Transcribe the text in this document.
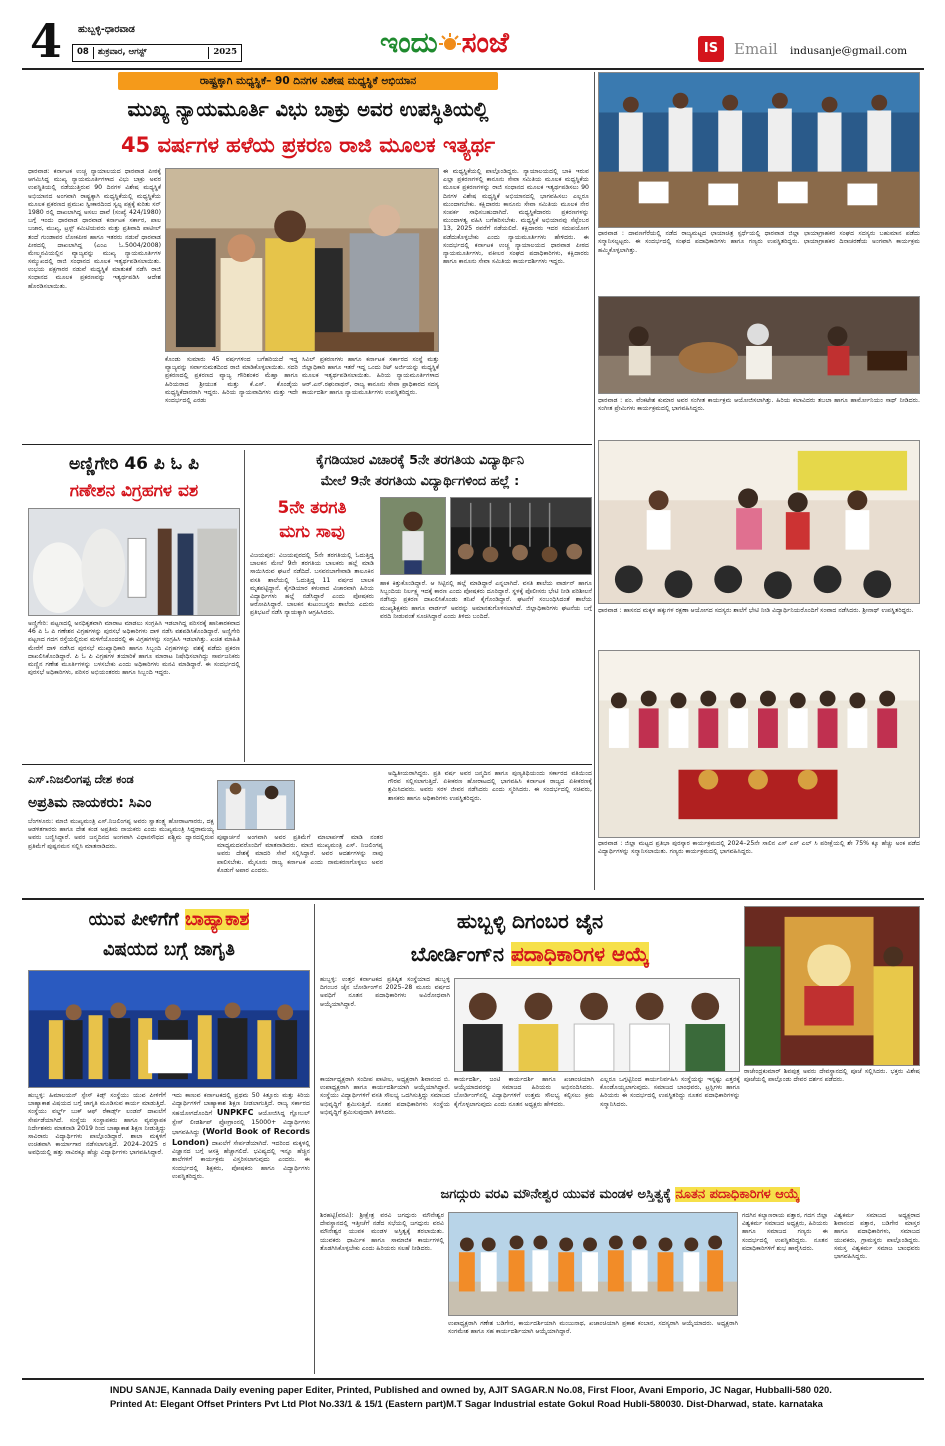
4	ಹುಬ್ಬಳ್ಳಿ-ಧಾರವಾಡ
08	ಶುಕ್ರವಾರ, ಆಗಸ್ಟ್	2025	ಇಂದು ಸಂಜೆ	IS	Email	indusanje@gmail.com
ರಾಷ್ಟ್ರಕ್ಕಾಗಿ ಮಧ್ಯಸ್ಥಿಕೆ– 90 ದಿನಗಳ ವಿಶೇಷ ಮಧ್ಯಸ್ಥಿಕೆ ಅಭಿಯಾನ
ಮುಖ್ಯ ನ್ಯಾಯಮೂರ್ತಿ ವಿಭು ಬಾಕ್ರು ಅವರ ಉಪಸ್ಥಿತಿಯಲ್ಲಿ
45 ವರ್ಷಗಳ ಹಳೆಯ ಪ್ರಕರಣ ರಾಜಿ ಮೂಲಕ ಇತ್ಯರ್ಥ
ಧಾರವಾಡ: ಕರ್ನಾಟಕ ಉಚ್ಚ ನ್ಯಾಯಾಲಯದ ಧಾರವಾಡ ಪೀಠಕ್ಕೆ ಆಗಮಿಸಿದ್ದ ಮುಖ್ಯ ನ್ಯಾಯಮೂರ್ತಿಗಳಾದ ವಿಭು ಬಾಕ್ರು ಅವರ ಉಪಸ್ಥಿತಿಯಲ್ಲಿ ನಡೆಯುತ್ತಿರುವ 90 ದಿನಗಳ ವಿಶೇಷ ಮಧ್ಯಸ್ಥಿಕೆ ಅಭಿಯಾನದ ಅಂಗವಾಗಿ ರಾಷ್ಟ್ರಕ್ಕಾಗಿ ಮಧ್ಯಸ್ಥಿಕೆಯಲ್ಲಿ ಮಧ್ಯಸ್ಥಿಕೆಯ ಮೂಲಕ ಪ್ರಕರಣದ ಪ್ರಮುಖ ಸ್ವೀಕಾರದಿಂದ ಸ್ವಲ್ಪ ಪಕ್ಷಕ್ಕೆ ಕುರಿತು ಸನ್ 1980 ರಲ್ಲಿ ದಾಖಲಾಗಿದ್ದ ಅಸಲು ದಾವೆ (ಸಂಖ್ಯೆ 424/1980) ಬಗ್ಗೆ ಇಂದು ಧಾರವಾಡ ಧಾರವಾಡ ಕರ್ನಾಟಕ ಸರ್ಕಾರ, ಪಾಲ ಬಜಾರ, ಮುಖ್ಯ, ಟ್ರಸ್ಟ್ ಕಮಿಟಿಯವರು ಮತ್ತು ಪ್ರತಿವಾದಿ ಪಾಟೀಲ್ ತಂದೆ ಗುಂಡಾವರ ಲೋಕಪೀಠ ಹಾಗೂ ಇತರರು ನಡುವೆ ಧಾರವಾಡ ಪೀಠದಲ್ಲಿ ದಾಖಲಾಗಿದ್ದ (ಎಂಎ ಓ.5004/2008) ಮೇಲ್ಮನವಿಯಲ್ಲಿನ ವ್ಯಾಜ್ಯವನ್ನು ಮುಖ್ಯ ನ್ಯಾಯಮೂರ್ತಿಗಳ ಸಮ್ಮುಖದಲ್ಲಿ ರಾಜಿ ಸಂಧಾನದ ಮೂಲಕ ಇತ್ಯರ್ಥಪಡಿಸಲಾಯಿತು. ಉಭಯ ಪಕ್ಷಗಾರರ ನಡುವೆ ಮಧ್ಯಸ್ಥಿಕೆ ಮಾತುಕತೆ ನಡೆಸಿ ರಾಜಿ ಸಂಧಾನದ ಮೂಲಕ ಪ್ರಕರಣವನ್ನು ಇತ್ಯರ್ಥಪಡಿಸಿ ಆದೇಶ ಹೊರಡಿಸಲಾಯಿತು.
ಈ ಮಧ್ಯಸ್ಥಿಕೆಯಲ್ಲಿ ಪಾಲ್ಗೊಂಡಿದ್ದರು. ನ್ಯಾಯಾಲಯದಲ್ಲಿ ಬಾಕಿ ಇರುವ ಎಲ್ಲಾ ಪ್ರಕರಣಗಳಲ್ಲಿ ಕಾನೂನು ಸೇವಾ ಸಮಿತಿಯ ಮೂಲಕ ಮಧ್ಯಸ್ಥಿಕೆಯ ಮೂಲಕ ಪ್ರಕರಣಗಳನ್ನು ರಾಜಿ ಸಂಧಾನದ ಮೂಲಕ ಇತ್ಯರ್ಥಪಡಿಸಲು 90 ದಿನಗಳ ವಿಶೇಷ ಮಧ್ಯಸ್ಥಿಕೆ ಅಭಿಯಾನದಲ್ಲಿ ಭಾಗವಹಿಸಲು ಎಲ್ಲರೂ ಮುಂದಾಗಬೇಕು. ಕಕ್ಷಿದಾರರು ಕಾನೂನು ಸೇವಾ ಸಮಿತಿಯ ಮೂಲಕ ನೇರ ಸಂಪರ್ಕ ಸಾಧಿಸಬಹುದಾಗಿದೆ. ಮಧ್ಯಸ್ಥಿಕೆದಾರರು ಪ್ರಕರಣಗಳನ್ನು ಮುಂದಾಳತ್ವ ವಹಿಸಿ ಬಗೆಹರಿಸಬೇಕು. ಮಧ್ಯಸ್ಥಿಕೆ ಅಭಿಯಾನವು ಸೆಪ್ಟೆಂಬರ 13, 2025 ರವರೆಗೆ ನಡೆಯಲಿದೆ. ಕಕ್ಷಿದಾರರು ಇದರ ಸದುಪಯೋಗ ಪಡೆದುಕೊಳ್ಳಬೇಕು ಎಂದು ನ್ಯಾಯಮೂರ್ತಿಗಳು ಹೇಳಿದರು. ಈ ಸಂದರ್ಭದಲ್ಲಿ ಕರ್ನಾಟಕ ಉಚ್ಚ ನ್ಯಾಯಾಲಯದ ಧಾರವಾಡ ಪೀಠದ ನ್ಯಾಯಮೂರ್ತಿಗಳು, ವಕೀಲರ ಸಂಘದ ಪದಾಧಿಕಾರಿಗಳು, ಕಕ್ಷಿದಾರರು ಹಾಗೂ ಕಾನೂನು ಸೇವಾ ಸಮಿತಿಯ ಕಾರ್ಯದರ್ಶಿಗಳು ಇದ್ದರು.
ಕೊಂಡು ಸುಮಾರು 45 ವರ್ಷಗಳಿಂದ ಬಗೆಹರಿಯದೆ ಇದ್ದ ವ್ಯಾಜ್ಯವನ್ನು ಸರ್ವಾನುಮತದಿಂದ ರಾಜಿ ಮಾಡಿಕೊಳ್ಳಲಾಯಿತು. ಸದರಿ ಪ್ರಕರಣದಲ್ಲಿ ಪ್ರಕರಣದ ವ್ಯಾಜ್ಯ ಗೌರಿಶಂಕರ ಮೆಹ್ತಾ ಹಾಗೂ ಹಿರಿಯರಾದ ಶ್ರೀಯುತ ಮತ್ತು ಕೆ.ಎಸ್. ಕೊಂಡೈಯ ಮಧ್ಯಸ್ಥಿಕೆದಾರರಾಗಿ ಇದ್ದರು. ಹಿರಿಯ ನ್ಯಾಯವಾದಿಗಳು ಮತ್ತು ಇದೇ ಸಂದರ್ಭದಲ್ಲಿ ಎರಡು
ಸಿವಿಲ್ ಪ್ರಕರಣಗಳು ಹಾಗೂ ಕರ್ನಾಟಕ ಸರ್ಕಾರದ ಸಂಸ್ಥೆ ಮತ್ತು ಜಿಲ್ಲಾಧಿಕಾರಿ ಹಾಗೂ ಇತರೆ ಇದ್ದ ಒಂದು ರಿಟ್ ಅರ್ಜಿಯನ್ನು ಮಧ್ಯಸ್ಥಿಕೆ ಮೂಲಕ ಇತ್ಯರ್ಥಪಡಿಸಲಾಯಿತು. ಹಿರಿಯ ನ್ಯಾಯಮೂರ್ತಿಗಳಾದ ಆರ್.ಎನ್.ರಘುನಾಥನ್, ರಾಜ್ಯ ಕಾನೂನು ಸೇವಾ ಪ್ರಾಧಿಕಾರದ ಸದಸ್ಯ ಕಾರ್ಯದರ್ಶಿ ಹಾಗೂ ನ್ಯಾಯಮೂರ್ತಿಗಳು ಉಪಸ್ಥಿತರಿದ್ದರು.
ಅಣ್ಣಿಗೇರಿ 46 ಪಿ ಓ ಪಿ
ಗಣೇಶನ ವಿಗ್ರಹಗಳ ವಶ
ಅಣ್ಣಿಗೇರಿ: ಪಟ್ಟಣದಲ್ಲಿ ಅನಧಿಕೃತವಾಗಿ ಮಾರಾಟ ಮಾಡಲು ಸಂಗ್ರಹಿಸಿ ಇಡಲಾಗಿದ್ದ ಪರಿಸರಕ್ಕೆ ಹಾನಿಕಾರಕವಾದ 46 ಪಿ ಓ ಪಿ ಗಣೇಶನ ವಿಗ್ರಹಗಳನ್ನು ಪುರಸಭೆ ಅಧಿಕಾರಿಗಳು ದಾಳಿ ನಡೆಸಿ ವಶಪಡಿಸಿಕೊಂಡಿದ್ದಾರೆ. ಅಣ್ಣಿಗೇರಿ ಪಟ್ಟಣದ ಗದಗ ರಸ್ತೆಯಲ್ಲಿರುವ ಮಳಿಗೆಯೊಂದರಲ್ಲಿ ಈ ವಿಗ್ರಹಗಳನ್ನು ಸಂಗ್ರಹಿಸಿ ಇಡಲಾಗಿತ್ತು. ಖಚಿತ ಮಾಹಿತಿ ಮೇರೆಗೆ ದಾಳಿ ನಡೆಸಿದ ಪುರಸಭೆ ಮುಖ್ಯಾಧಿಕಾರಿ ಹಾಗೂ ಸಿಬ್ಬಂದಿ ವಿಗ್ರಹಗಳನ್ನು ವಶಕ್ಕೆ ಪಡೆದು ಪ್ರಕರಣ ದಾಖಲಿಸಿಕೊಂಡಿದ್ದಾರೆ. ಪಿ ಓ ಪಿ ವಿಗ್ರಹಗಳ ತಯಾರಿಕೆ ಹಾಗೂ ಮಾರಾಟ ನಿಷೇಧಿಸಲಾಗಿದ್ದು ಸಾರ್ವಜನಿಕರು ಮಣ್ಣಿನ ಗಣೇಶ ಮೂರ್ತಿಗಳನ್ನು ಬಳಸಬೇಕು ಎಂದು ಅಧಿಕಾರಿಗಳು ಮನವಿ ಮಾಡಿದ್ದಾರೆ. ಈ ಸಂದರ್ಭದಲ್ಲಿ ಪುರಸಭೆ ಅಧಿಕಾರಿಗಳು, ಪರಿಸರ ಅಭಿಯಂತರರು ಹಾಗೂ ಸಿಬ್ಬಂದಿ ಇದ್ದರು.
ಕೈಗಡಿಯಾರ ವಿಚಾರಕ್ಕೆ 5ನೇ ತರಗತಿಯ ವಿದ್ಯಾರ್ಥಿನಿ
ಮೇಲೆ 9ನೇ ತರಗತಿಯ ವಿದ್ಯಾರ್ಥಿಗಳಿಂದ ಹಲ್ಲೆ :
5ನೇ ತರಗತಿ
ಮಗು ಸಾವು
ವಿಜಯಪುರ: ವಿಜಯಪುರದಲ್ಲಿ 5ನೇ ತರಗತಿಯಲ್ಲಿ ಓದುತ್ತಿದ್ದ ಬಾಲಕನ ಮೇಲೆ 9ನೇ ತರಗತಿಯ ಬಾಲಕರು ಹಲ್ಲೆ ಮಾಡಿ ಸಾಯಿಸಿರುವ ಘಟನೆ ನಡೆದಿದೆ. ಬಸವನಬಾಗೇವಾಡಿ ತಾಲೂಕಿನ ವಸತಿ ಶಾಲೆಯಲ್ಲಿ ಓದುತ್ತಿದ್ದ 11 ವರ್ಷದ ಬಾಲಕ ಮೃತಪಟ್ಟಿದ್ದಾನೆ. ಕೈಗಡಿಯಾರ ಕಳುವಾದ ವಿಚಾರವಾಗಿ ಹಿರಿಯ ವಿದ್ಯಾರ್ಥಿಗಳು ಹಲ್ಲೆ ನಡೆಸಿದ್ದಾರೆ ಎಂದು ಪೋಷಕರು ಆರೋಪಿಸಿದ್ದಾರೆ. ಬಾಲಕನ ಕುಟುಂಬಸ್ಥರು ಶಾಲೆಯ ಎದುರು ಪ್ರತಿಭಟನೆ ನಡೆಸಿ ನ್ಯಾಯಕ್ಕಾಗಿ ಆಗ್ರಹಿಸಿದರು.
ಹಾಕ ಕಿತ್ತುಕೊಂಡಿದ್ದಾರೆ. ಆ ಸಿಟ್ಟಿನಲ್ಲಿ ಹಲ್ಲೆ ಮಾಡಿದ್ದಾರೆ ಎನ್ನಲಾಗಿದೆ. ವಸತಿ ಶಾಲೆಯ ವಾರ್ಡನ್ ಹಾಗೂ ಸಿಬ್ಬಂದಿಯ ನಿರ್ಲಕ್ಷ್ಯ ಇದಕ್ಕೆ ಕಾರಣ ಎಂದು ಪೋಷಕರು ದೂರಿದ್ದಾರೆ. ಸ್ಥಳಕ್ಕೆ ಪೊಲೀಸರು ಭೇಟಿ ನೀಡಿ ಪರಿಶೀಲನೆ ನಡೆಸಿದ್ದು ಪ್ರಕರಣ ದಾಖಲಿಸಿಕೊಂಡು ತನಿಖೆ ಕೈಗೊಂಡಿದ್ದಾರೆ. ಘಟನೆಗೆ ಸಂಬಂಧಿಸಿದಂತೆ ಶಾಲೆಯ ಮುಖ್ಯಶಿಕ್ಷಕರು ಹಾಗೂ ವಾರ್ಡನ್ ಅವರನ್ನು ಅಮಾನತುಗೊಳಿಸಲಾಗಿದೆ. ಜಿಲ್ಲಾಧಿಕಾರಿಗಳು ಘಟನೆಯ ಬಗ್ಗೆ ವರದಿ ನೀಡುವಂತೆ ಸೂಚಿಸಿದ್ದಾರೆ ಎಂದು ತಿಳಿದು ಬಂದಿದೆ.
ಎಸ್.ನಿಜಲಿಂಗಪ್ಪ ದೇಶ ಕಂಡ
ಅಪ್ರತಿಮ ನಾಯಕರು: ಸಿಎಂ
ಬೆಂಗಳೂರು: ಮಾಜಿ ಮುಖ್ಯಮಂತ್ರಿ ಎಸ್.ನಿಜಲಿಂಗಪ್ಪ ಅವರು ಸ್ವಾತಂತ್ರ್ಯ ಹೋರಾಟಗಾರರು, ದಕ್ಷ ಆಡಳಿತಗಾರರು ಹಾಗೂ ದೇಶ ಕಂಡ ಅಪ್ರತಿಮ ನಾಯಕರು ಎಂದು ಮುಖ್ಯಮಂತ್ರಿ ಸಿದ್ದರಾಮಯ್ಯ ಅವರು ಬಣ್ಣಿಸಿದ್ದಾರೆ. ಅವರ ಜನ್ಮದಿನದ ಅಂಗವಾಗಿ ವಿಧಾನಸೌಧದ ಪಶ್ಚಿಮ ದ್ವಾರದಲ್ಲಿರುವ ಪ್ರತಿಮೆಗೆ ಪುಷ್ಪನಮನ ಸಲ್ಲಿಸಿ ಮಾತನಾಡಿದರು.
ಪುಷ್ಪಾರ್ಚನೆ ಅಂಗವಾಗಿ ಅವರ ಪ್ರತಿಮೆಗೆ ಮಾಲಾರ್ಪಣೆ ಮಾಡಿ ನಂತರ ಮಾಧ್ಯಮದವರೊಂದಿಗೆ ಮಾತನಾಡಿದರು. ಮಾಜಿ ಮುಖ್ಯಮಂತ್ರಿ ಎಸ್. ನಿಜಲಿಂಗಪ್ಪ ಅವರು ದೇಶಕ್ಕೆ ಮಾದರಿ ಸೇವೆ ಸಲ್ಲಿಸಿದ್ದಾರೆ. ಅವರ ಆದರ್ಶಗಳನ್ನು ನಾವು ಪಾಲಿಸಬೇಕು. ಮೈಸೂರು ರಾಜ್ಯ ಕರ್ನಾಟಕ ಎಂದು ನಾಮಕರಣಗೊಳ್ಳಲು ಅವರ ಕೊಡುಗೆ ಅಪಾರ ಎಂದರು.
ಅದ್ವಿತೀಯರಾಗಿದ್ದರು. ಪ್ರತಿ ವರ್ಷ ಅವರ ಜನ್ಮದಿನ ಹಾಗೂ ಪುಣ್ಯತಿಥಿಯಂದು ಸರ್ಕಾರದ ವತಿಯಿಂದ ಗೌರವ ಸಲ್ಲಿಸಲಾಗುತ್ತಿದೆ. ಏಕೀಕರಣ ಹೋರಾಟದಲ್ಲಿ ಭಾಗವಹಿಸಿ ಕರ್ನಾಟಕ ರಾಜ್ಯದ ಏಕೀಕರಣಕ್ಕೆ ಶ್ರಮಿಸಿದವರು. ಅವರು ಸರಳ ಜೀವನ ನಡೆಸಿದರು ಎಂದು ಸ್ಮರಿಸಿದರು. ಈ ಸಂದರ್ಭದಲ್ಲಿ ಸಚಿವರು, ಶಾಸಕರು ಹಾಗೂ ಅಧಿಕಾರಿಗಳು ಉಪಸ್ಥಿತರಿದ್ದರು.
ಧಾರವಾಡ : ದಾವಣಗೆರೆಯಲ್ಲಿ ನಡೆದ ರಾಜ್ಯಮಟ್ಟದ ಛಾಯಾಚಿತ್ರ ಸ್ಪರ್ಧೆಯಲ್ಲಿ ಧಾರವಾಡ ಜಿಲ್ಲಾ ಛಾಯಾಗ್ರಾಹಕರ ಸಂಘದ ಸದಸ್ಯರು ಬಹುಮಾನ ಪಡೆದು ಸನ್ಮಾನಿಸಲ್ಪಟ್ಟರು. ಈ ಸಂದರ್ಭದಲ್ಲಿ ಸಂಘದ ಪದಾಧಿಕಾರಿಗಳು ಹಾಗೂ ಗಣ್ಯರು ಉಪಸ್ಥಿತರಿದ್ದರು. ಛಾಯಾಗ್ರಾಹಕರ ದಿನಾಚರಣೆಯ ಅಂಗವಾಗಿ ಕಾರ್ಯಕ್ರಮ ಹಮ್ಮಿಕೊಳ್ಳಲಾಗಿತ್ತು.
ಧಾರವಾಡ : ಪಂ. ವೆಂಕಟೇಶ ಕುಮಾರ ಅವರ ಸಂಗೀತ ಕಾರ್ಯಕ್ರಮ ಆಯೋಜಿಸಲಾಗಿತ್ತು. ಹಿರಿಯ ಕಲಾವಿದರು ತಬಲಾ ಹಾಗೂ ಹಾರ್ಮೋನಿಯಂ ಸಾಥ್ ನೀಡಿದರು. ಸಂಗೀತ ಪ್ರೇಮಿಗಳು ಕಾರ್ಯಕ್ರಮದಲ್ಲಿ ಭಾಗವಹಿಸಿದ್ದರು.
ಧಾರವಾಡ : ಹಾಸನದ ಮಕ್ಕಳ ಹಕ್ಕುಗಳ ರಕ್ಷಣಾ ಆಯೋಗದ ಸದಸ್ಯರು ಶಾಲೆಗೆ ಭೇಟಿ ನೀಡಿ ವಿದ್ಯಾರ್ಥಿನಿಯರೊಂದಿಗೆ ಸಂವಾದ ನಡೆಸಿದರು. ಶ್ರೀನಾಥ್ ಉಪಸ್ಥಿತರಿದ್ದರು.
ಧಾರವಾಡ : ಜಿಲ್ಲಾ ಮಟ್ಟದ ಪ್ರತಿಭಾ ಪುರಸ್ಕಾರ ಕಾರ್ಯಕ್ರಮದಲ್ಲಿ 2024–25ನೇ ಸಾಲಿನ ಎಸ್ ಎಸ್ ಎಲ್ ಸಿ ಪರೀಕ್ಷೆಯಲ್ಲಿ ಶೇ 75% ಕ್ಕೂ ಹೆಚ್ಚು ಅಂಕ ಪಡೆದ ವಿದ್ಯಾರ್ಥಿಗಳನ್ನು ಸನ್ಮಾನಿಸಲಾಯಿತು. ಗಣ್ಯರು ಕಾರ್ಯಕ್ರಮದಲ್ಲಿ ಭಾಗವಹಿಸಿದ್ದರು.
ಯುವ ಪೀಳಿಗೆಗೆ ಬಾಹ್ಯಾಕಾಶ
ವಿಷಯದ ಬಗ್ಗೆ ಜಾಗೃತಿ
ಹುಬ್ಬಳ್ಳಿ: ಹಿಮಾಲಯನ್ ಸ್ಪೇಸ್ ಕಿಡ್ಸ್ ಸಂಸ್ಥೆಯು ಯುವ ಪೀಳಿಗೆಗೆ ಬಾಹ್ಯಾಕಾಶ ವಿಷಯದ ಬಗ್ಗೆ ಜಾಗೃತಿ ಮೂಡಿಸುವ ಕಾರ್ಯ ಮಾಡುತ್ತಿದೆ. ಸಂಸ್ಥೆಯು ವರ್ಲ್ಡ್ ಬುಕ್ ಆಫ್ ರೆಕಾರ್ಡ್ಸ್ ಲಂಡನ್ ದಾಖಲೆಗೆ ಸೇರ್ಪಡೆಯಾಗಿದೆ. ಸಂಸ್ಥೆಯ ಸಂಸ್ಥಾಪಕರು ಹಾಗೂ ವ್ಯವಸ್ಥಾಪಕ ನಿರ್ದೇಶಕರು ಮಾತನಾಡಿ 2019 ರಿಂದ ಬಾಹ್ಯಾಕಾಶ ಶಿಕ್ಷಣ ನೀಡುತ್ತಿದ್ದು ಸಾವಿರಾರು ವಿದ್ಯಾರ್ಥಿಗಳು ಪಾಲ್ಗೊಂಡಿದ್ದಾರೆ. ಶಾಲಾ ಮಕ್ಕಳಿಗೆ ಉಚಿತವಾಗಿ ಕಾರ್ಯಾಗಾರ ನಡೆಸಲಾಗುತ್ತಿದೆ. 2024–2025 ರ ಅವಧಿಯಲ್ಲಿ ಹತ್ತು ಸಾವಿರಕ್ಕೂ ಹೆಚ್ಚು ವಿದ್ಯಾರ್ಥಿಗಳು ಭಾಗವಹಿಸಿದ್ದಾರೆ.
ಇದು ಕಾಣುವ ಕರ್ನಾಟಕದಲ್ಲಿ ಪ್ರಥಮ 50 ಕಿತ್ತೂರು ಮತ್ತು ಕಿರಿಯ ವಿದ್ಯಾರ್ಥಿಗಳಿಗೆ ಬಾಹ್ಯಾಕಾಶ ಶಿಕ್ಷಣ ನೀಡಲಾಗುತ್ತಿದೆ. ರಾಜ್ಯ ಸರ್ಕಾರದ ಸಹಯೋಗದೊಂದಿಗೆ UNPKFC ಆಯೋಜಿಸಿದ್ದ ಗ್ಲೋಬಲ್ ಸ್ಪೇಸ್ ಲೀಡರ್ಶಿಪ್ ಪ್ರೋಗ್ರಾಂನಲ್ಲಿ 15000+ ವಿದ್ಯಾರ್ಥಿಗಳು ಭಾಗವಹಿಸಿದ್ದು (World Book of Records London) ದಾಖಲೆಗೆ ಸೇರ್ಪಡೆಯಾಗಿದೆ. ಇದರಿಂದ ಮಕ್ಕಳಲ್ಲಿ ವಿಜ್ಞಾನದ ಬಗ್ಗೆ ಆಸಕ್ತಿ ಹೆಚ್ಚಾಗಲಿದೆ. ಭವಿಷ್ಯದಲ್ಲಿ ಇನ್ನೂ ಹೆಚ್ಚಿನ ಶಾಲೆಗಳಿಗೆ ಕಾರ್ಯಕ್ರಮ ವಿಸ್ತರಿಸಲಾಗುವುದು ಎಂದರು. ಈ ಸಂದರ್ಭದಲ್ಲಿ ಶಿಕ್ಷಕರು, ಪೋಷಕರು ಹಾಗೂ ವಿದ್ಯಾರ್ಥಿಗಳು ಉಪಸ್ಥಿತರಿದ್ದರು.
ಹುಬ್ಬಳ್ಳಿ ದಿಗಂಬರ ಜೈನ
ಬೋರ್ಡಿಂಗ್‌ನ ಪದಾಧಿಕಾರಿಗಳ ಆಯ್ಕೆ
ಹುಬ್ಬಳ್ಳಿ: ಉತ್ತರ ಕರ್ನಾಟಕದ ಪ್ರತಿಷ್ಠಿತ ಸಂಸ್ಥೆಯಾದ ಹುಬ್ಬಳ್ಳಿ ದಿಗಂಬರ ಜೈನ ಬೋರ್ಡಿಂಗ್‌ನ 2025–28 ಮೂರು ವರ್ಷದ ಅವಧಿಗೆ ನೂತನ ಪದಾಧಿಕಾರಿಗಳು ಅವಿರೋಧವಾಗಿ ಆಯ್ಕೆಯಾಗಿದ್ದಾರೆ.
ಕಾರ್ಯಾಧ್ಯಕ್ಷರಾಗಿ ಸಂದೀಪ ಪಾಟೀಲ, ಅಧ್ಯಕ್ಷರಾಗಿ ಶಿವಾನಂದ ಬಿ. ಉಪಾಧ್ಯಕ್ಷರಾಗಿ ಹಾಗೂ ಕಾರ್ಯದರ್ಶಿಯಾಗಿ ಆಯ್ಕೆಯಾಗಿದ್ದಾರೆ. ಸಂಸ್ಥೆಯು ವಿದ್ಯಾರ್ಥಿಗಳಿಗೆ ವಸತಿ ಸೌಲಭ್ಯ ಒದಗಿಸುತ್ತಿದ್ದು ಸಮಾಜದ ಅಭಿವೃದ್ಧಿಗೆ ಶ್ರಮಿಸುತ್ತಿದೆ. ನೂತನ ಪದಾಧಿಕಾರಿಗಳು ಸಂಸ್ಥೆಯ ಅಭಿವೃದ್ಧಿಗೆ ಶ್ರಮಿಸುವುದಾಗಿ ತಿಳಿಸಿದರು.
ಕಾರ್ಯದರ್ಶಿ, ಜಂಟಿ ಕಾರ್ಯದರ್ಶಿ ಹಾಗೂ ಖಜಾಂಚಿಯಾಗಿ ಆಯ್ಕೆಯಾದವರನ್ನು ಸಮಾಜದ ಹಿರಿಯರು ಅಭಿನಂದಿಸಿದರು. ಬೋರ್ಡಿಂಗ್‌ನಲ್ಲಿ ವಿದ್ಯಾರ್ಥಿಗಳಿಗೆ ಉತ್ತಮ ಸೌಲಭ್ಯ ಕಲ್ಪಿಸಲು ಕ್ರಮ ಕೈಗೊಳ್ಳಲಾಗುವುದು ಎಂದು ನೂತನ ಅಧ್ಯಕ್ಷರು ಹೇಳಿದರು.
ಎಲ್ಲರೂ ಒಗ್ಗಟ್ಟಿನಿಂದ ಕಾರ್ಯನಿರ್ವಹಿಸಿ ಸಂಸ್ಥೆಯನ್ನು ಇನ್ನಷ್ಟು ಎತ್ತರಕ್ಕೆ ಕೊಂಡೊಯ್ಯಲಾಗುವುದು. ಸಮಾಜದ ಬಾಂಧವರು, ಟ್ರಸ್ಟಿಗಳು ಹಾಗೂ ಹಿರಿಯರು ಈ ಸಂದರ್ಭದಲ್ಲಿ ಉಪಸ್ಥಿತರಿದ್ದು ನೂತನ ಪದಾಧಿಕಾರಿಗಳನ್ನು ಸನ್ಮಾನಿಸಿದರು.
ರಾಜೇಂದ್ರಕುಮಾರ್ ಶಿವಪುತ್ರ ಅವರು ದೇವಸ್ಥಾನದಲ್ಲಿ ಪೂಜೆ ಸಲ್ಲಿಸಿದರು. ಭಕ್ತರು ವಿಶೇಷ ಪೂಜೆಯಲ್ಲಿ ಪಾಲ್ಗೊಂಡು ದೇವರ ದರ್ಶನ ಪಡೆದರು.
ಜಗದ್ಗುರು ವರವಿ ಮೌನೇಶ್ವರ ಯುವಕ ಮಂಡಳ ಅಸ್ತಿತ್ವಕ್ಕೆ ನೂತನ ಪದಾಧಿಕಾರಿಗಳ ಆಯ್ಕೆ
ಶಿರಹಟ್ಟಿ(ವರವಿ): ಶ್ರೀಕ್ಷೇತ್ರ ವರವಿ ಜಗದ್ಗುರು ಮೌನೇಶ್ವರ ದೇವಸ್ಥಾನದಲ್ಲಿ ಇತ್ತೀಚೆಗೆ ನಡೆದ ಸಭೆಯಲ್ಲಿ ಜಗದ್ಗುರು ವರವಿ ಮೌನೇಶ್ವರ ಯುವಕ ಮಂಡಳ ಅಸ್ತಿತ್ವಕ್ಕೆ ತರಲಾಯಿತು. ಯುವಕರು ಧಾರ್ಮಿಕ ಹಾಗೂ ಸಾಮಾಜಿಕ ಕಾರ್ಯಗಳಲ್ಲಿ ತೊಡಗಿಸಿಕೊಳ್ಳಬೇಕು ಎಂದು ಹಿರಿಯರು ಸಲಹೆ ನೀಡಿದರು.
ಉಪಾಧ್ಯಕ್ಷರಾಗಿ ಗಣೇಶ ಬಡಿಗೇರ, ಕಾರ್ಯದರ್ಶಿಯಾಗಿ ಮಂಜುನಾಥ, ಖಜಾಂಚಿಯಾಗಿ ಪ್ರಕಾಶ ಕಂಬಾರ, ಸದಸ್ಯರಾಗಿ ಆಯ್ಕೆಯಾದರು. ಅಧ್ಯಕ್ಷರಾಗಿ ಸಂಗಮೇಶ ಹಾಗೂ ಸಹ ಕಾರ್ಯದರ್ಶಿಯಾಗಿ ಆಯ್ಕೆಯಾಗಿದ್ದಾರೆ.
ಗದಗಿನ ಕಲ್ಯಾಣರಾಯ ಪತ್ತಾರ, ಗದಗ ಜಿಲ್ಲಾ ವಿಶ್ವಕರ್ಮ ಸಮಾಜದ ಅಧ್ಯಕ್ಷರು, ಹಿರಿಯರು ಹಾಗೂ ಸಮಾಜದ ಗಣ್ಯರು ಈ ಸಂದರ್ಭದಲ್ಲಿ ಉಪಸ್ಥಿತರಿದ್ದರು. ನೂತನ ಪದಾಧಿಕಾರಿಗಳಿಗೆ ಶುಭ ಹಾರೈಸಿದರು.
ವಿಶ್ವಕರ್ಮ ಸಮಾಜದ ಅಧ್ಯಕ್ಷರಾದ ಶಿವಾನಂದ ಪತ್ತಾರ, ಬಡಿಗೇರ ಮಾಸ್ತರ ಹಾಗೂ ಪದಾಧಿಕಾರಿಗಳು, ಸಮಾಜದ ಯುವಕರು, ಗ್ರಾಮಸ್ಥರು ಪಾಲ್ಗೊಂಡಿದ್ದರು. ಸಮಸ್ತ ವಿಶ್ವಕರ್ಮ ಸಮಾಜ ಬಾಂಧವರು ಭಾಗವಹಿಸಿದ್ದರು.
INDU SANJE, Kannada Daily evening paper Editer, Printed, Published and owned by, AJIT SAGAR.N No.08, First Floor, Avani Emporio, JC Nagar, Hubballi-580 020.
Printed At: Elegant Offset Printers Pvt Ltd Plot No.33/1 & 15/1 (Eastern part)M.T Sagar Industrial estate Gokul Road Hubli-580030. Dist-Dharwad, state. karnataka
